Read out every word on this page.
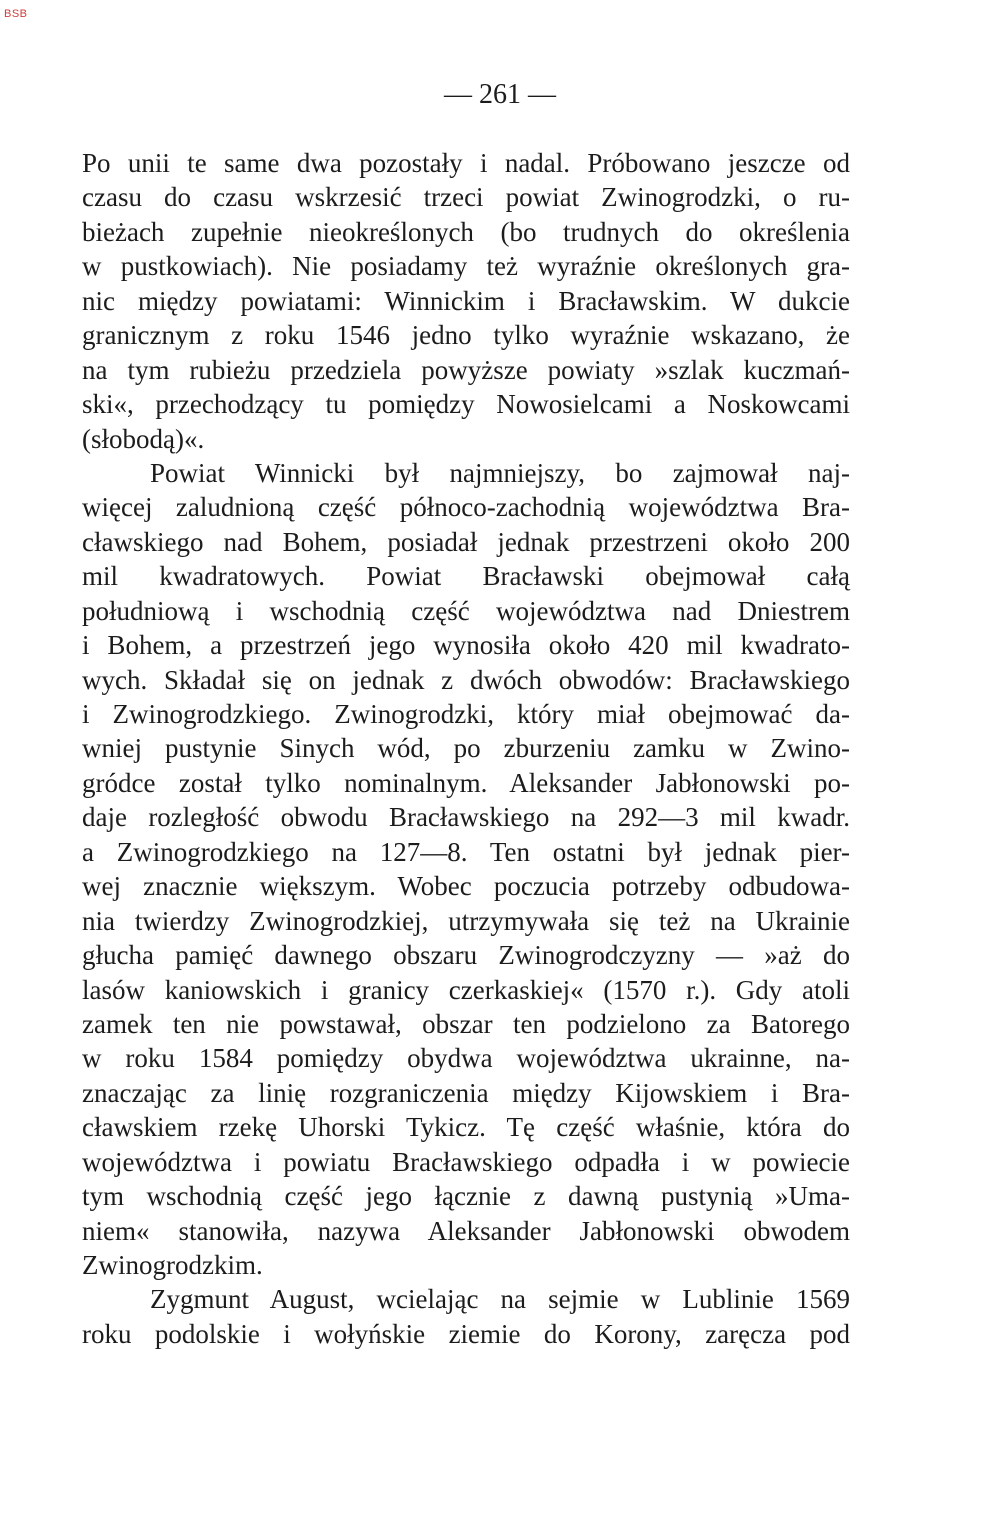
BSB
— 261 —
Po unii te same dwa pozostały i nadal. Próbowano jeszcze od
czasu do czasu wskrzesić trzeci powiat Zwinogrodzki, o ru-
bieżach zupełnie nieokreślonych (bo trudnych do określenia
w pustkowiach). Nie posiadamy też wyraźnie określonych gra-
nic między powiatami: Winnickim i Bracławskim. W dukcie
granicznym z roku 1546 jedno tylko wyraźnie wskazano, że
na tym rubieżu przedziela powyższe powiaty »szlak kuczmań-
ski«, przechodzący tu pomiędzy Nowosielcami a Noskowcami
(słobodą)«.
Powiat Winnicki był najmniejszy, bo zajmował naj-
więcej zaludnioną część północo-zachodnią województwa Bra-
cławskiego nad Bohem, posiadał jednak przestrzeni około 200
mil kwadratowych. Powiat Bracławski obejmował całą
południową i wschodnią część województwa nad Dniestrem
i Bohem, a przestrzeń jego wynosiła około 420 mil kwadrato-
wych. Składał się on jednak z dwóch obwodów: Bracławskiego
i Zwinogrodzkiego. Zwinogrodzki, który miał obejmować da-
wniej pustynie Sinych wód, po zburzeniu zamku w Zwino-
gródce został tylko nominalnym. Aleksander Jabłonowski po-
daje rozległość obwodu Bracławskiego na 292—3 mil kwadr.
a Zwinogrodzkiego na 127—8. Ten ostatni był jednak pier-
wej znacznie większym. Wobec poczucia potrzeby odbudowa-
nia twierdzy Zwinogrodzkiej, utrzymywała się też na Ukrainie
głucha pamięć dawnego obszaru Zwinogrodczyzny — »aż do
lasów kaniowskich i granicy czerkaskiej« (1570 r.). Gdy atoli
zamek ten nie powstawał, obszar ten podzielono za Batorego
w roku 1584 pomiędzy obydwa województwa ukrainne, na-
znaczając za linię rozgraniczenia między Kijowskiem i Bra-
cławskiem rzekę Uhorski Tykicz. Tę część właśnie, która do
województwa i powiatu Bracławskiego odpadła i w powiecie
tym wschodnią część jego łącznie z dawną pustynią »Uma-
niem« stanowiła, nazywa Aleksander Jabłonowski obwodem
Zwinogrodzkim.
Zygmunt August, wcielając na sejmie w Lublinie 1569
roku podolskie i wołyńskie ziemie do Korony, zaręcza pod
